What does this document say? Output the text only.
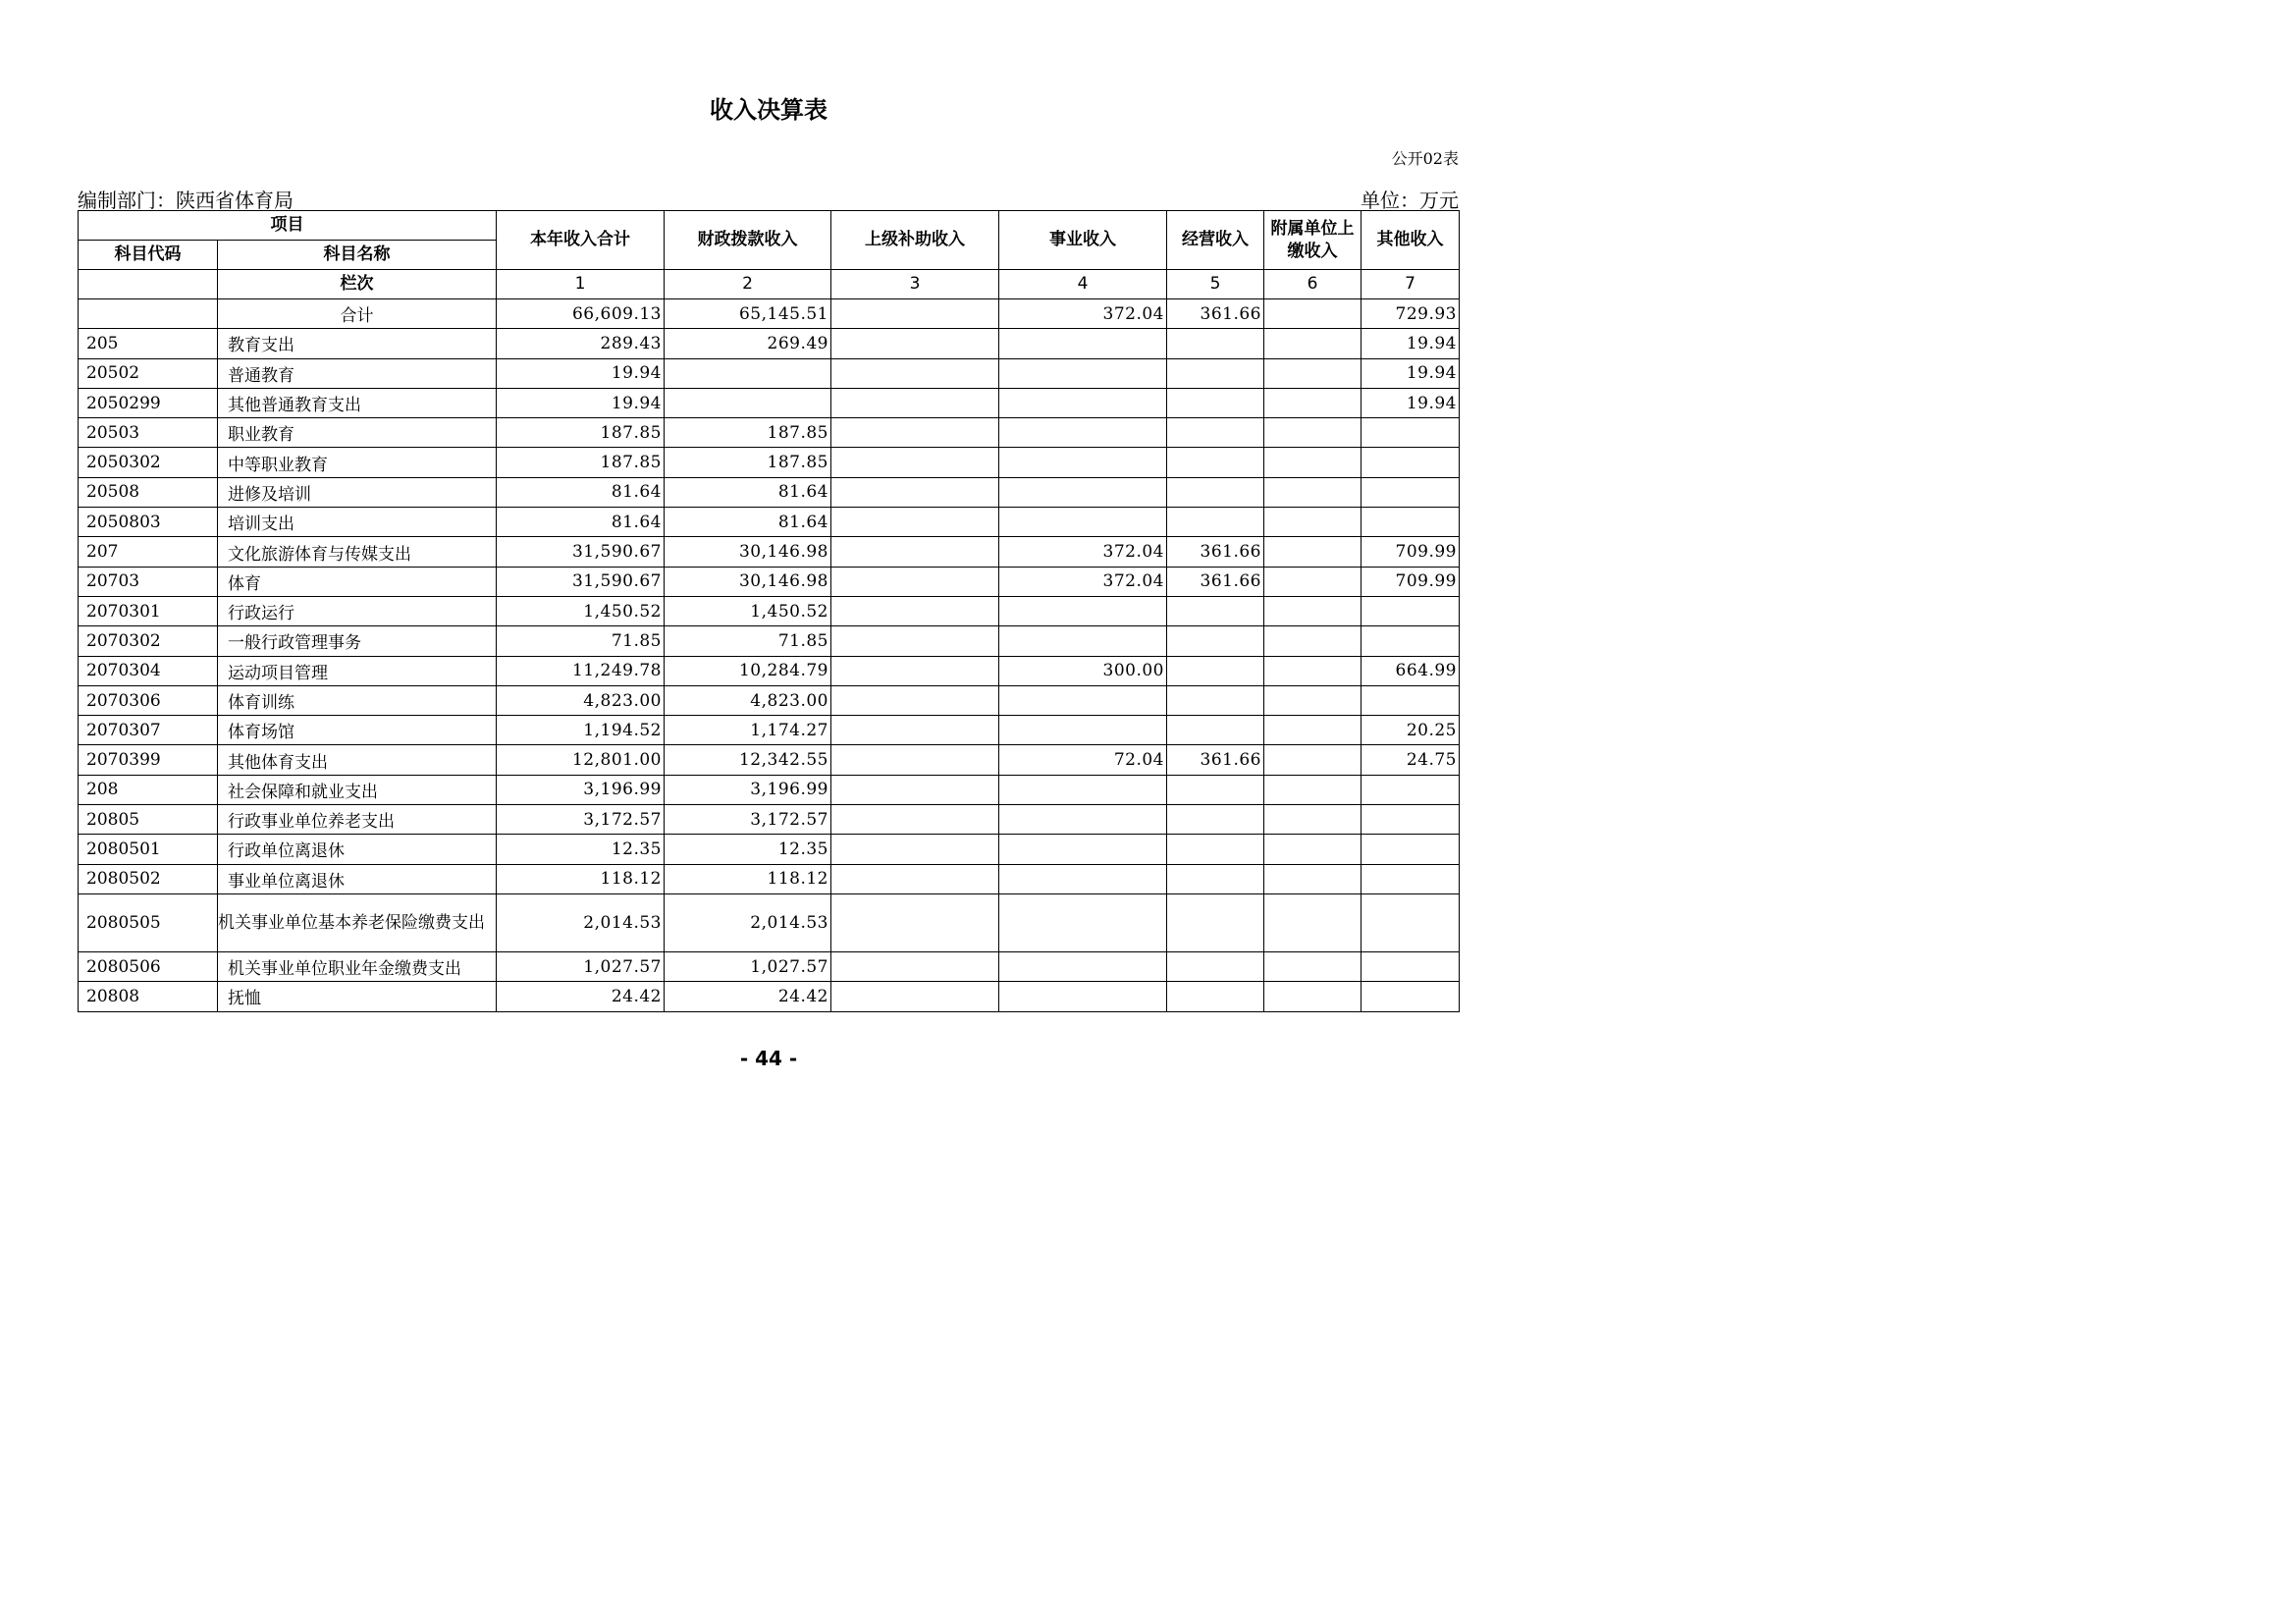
收入决算表
公开02表
编制部门：陕西省体育局	单位：万元
项目		本年收入合计	财政拨款收入	上级补助收入	事业收入	经营收入	附属单位上缴收入	其他收入
科目代码	科目名称							
	栏次	1	2	3	4	5	6	7
	合计	66,609.13	65,145.51		372.04	361.66		729.93
205	教育支出	289.43	269.49					19.94
20502	普通教育	19.94						19.94
2050299	其他普通教育支出	19.94						19.94
20503	职业教育	187.85	187.85					
2050302	中等职业教育	187.85	187.85					
20508	进修及培训	81.64	81.64					
2050803	培训支出	81.64	81.64					
207	文化旅游体育与传媒支出	31,590.67	30,146.98		372.04	361.66		709.99
20703	体育	31,590.67	30,146.98		372.04	361.66		709.99
2070301	行政运行	1,450.52	1,450.52					
2070302	一般行政管理事务	71.85	71.85					
2070304	运动项目管理	11,249.78	10,284.79		300.00			664.99
2070306	体育训练	4,823.00	4,823.00					
2070307	体育场馆	1,194.52	1,174.27					20.25
2070399	其他体育支出	12,801.00	12,342.55		72.04	361.66		24.75
208	社会保障和就业支出	3,196.99	3,196.99					
20805	行政事业单位养老支出	3,172.57	3,172.57					
2080501	行政单位离退休	12.35	12.35					
2080502	事业单位离退休	118.12	118.12					
2080505	机关事业单位基本养老保险缴费支出	2,014.53	2,014.53					
2080506	机关事业单位职业年金缴费支出	1,027.57	1,027.57					
20808	抚恤	24.42	24.42					
- 44 -
